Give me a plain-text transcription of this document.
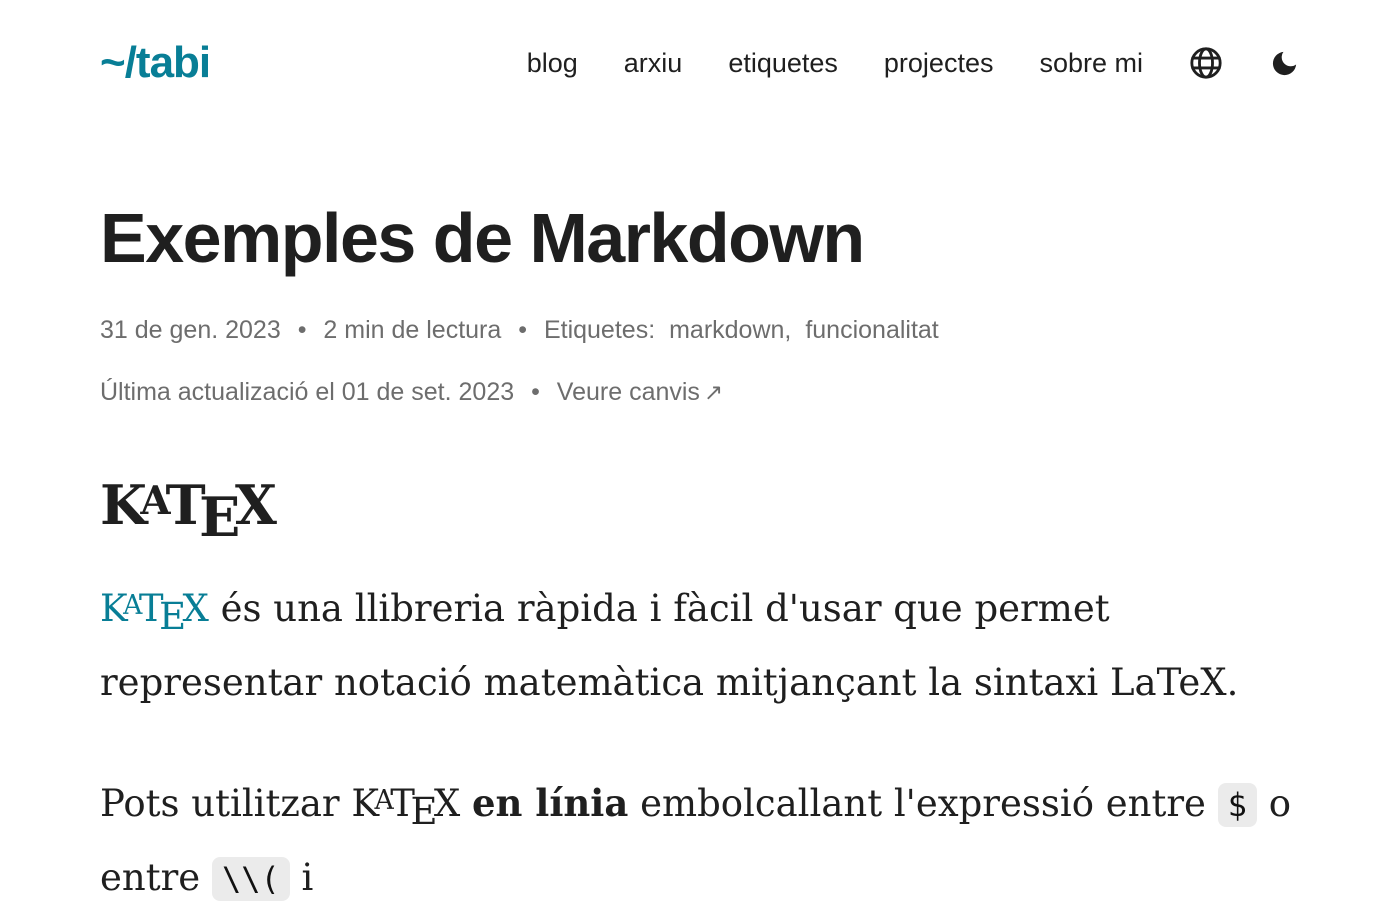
~/tabi	blog arxiu etiquetes projectes sobre mi
Exemples de Markdown
31 de gen. 2023 • 2 min de lectura • Etiquetes: markdown, funcionalitat
Última actualizació el 01 de set. 2023 • Veure canvis ↗
KATEX

KATEX és una llibreria ràpida i fàcil d'usar que permet representar notació matemàtica mitjançant la sintaxi LaTeX.

Pots utilitzar KATEX en línia embolcallant l'expressió entre $ o entre \\( i
